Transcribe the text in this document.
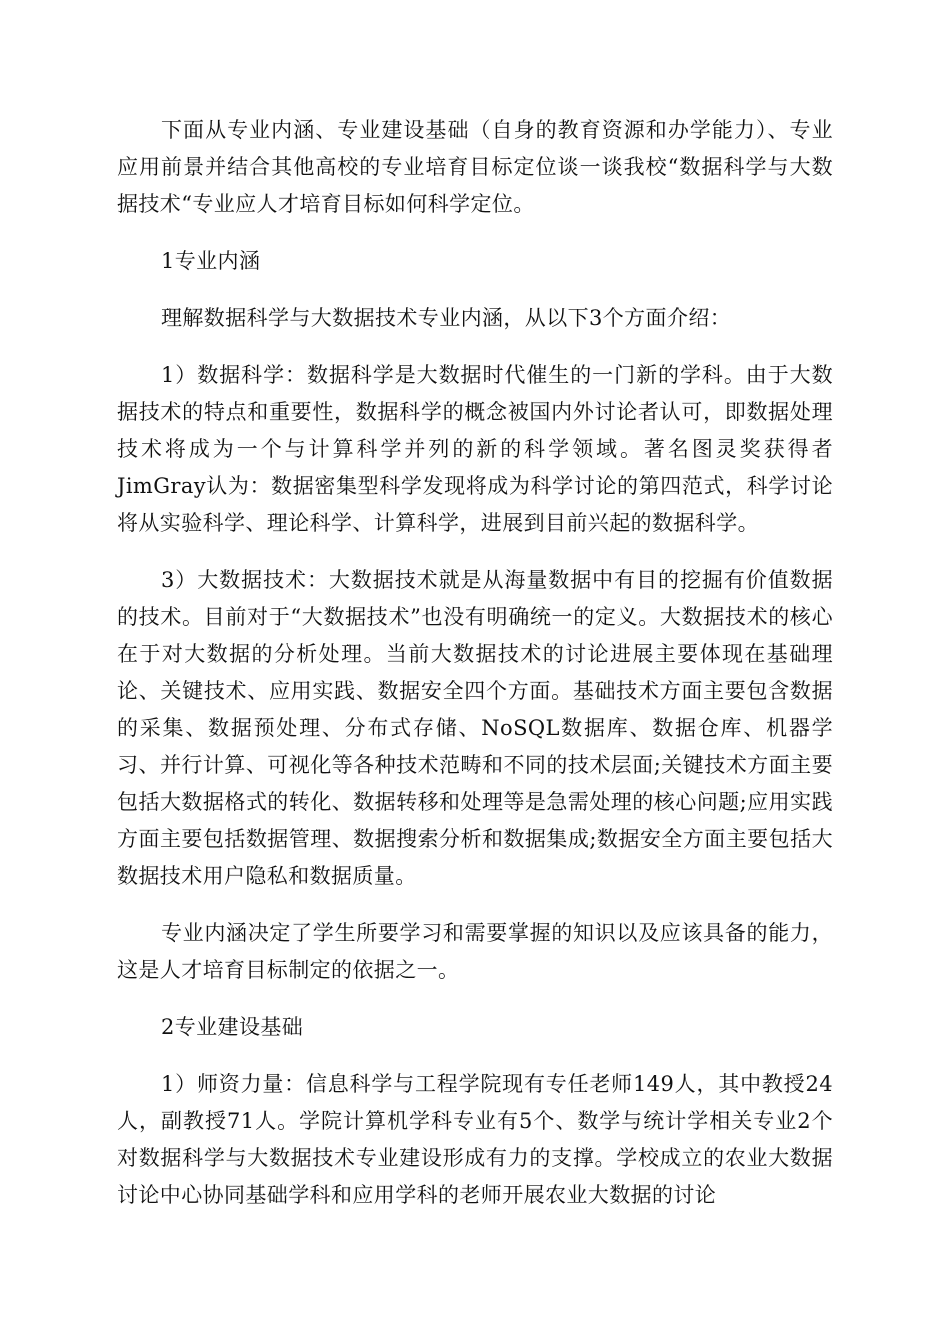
下面从专业内涵、专业建设基础（自身的教育资源和办学能力）、专业应用前景并结合其他高校的专业培育目标定位谈一谈我校“数据科学与大数据技术“专业应人才培育目标如何科学定位。

1专业内涵

理解数据科学与大数据技术专业内涵，从以下3个方面介绍：

1）数据科学：数据科学是大数据时代催生的一门新的学科。由于大数据技术的特点和重要性，数据科学的概念被国内外讨论者认可，即数据处理技术将成为一个与计算科学并列的新的科学领域。著名图灵奖获得者JimGray认为：数据密集型科学发现将成为科学讨论的第四范式，科学讨论将从实验科学、理论科学、计算科学，进展到目前兴起的数据科学。

3）大数据技术：大数据技术就是从海量数据中有目的挖掘有价值数据的技术。目前对于“大数据技术”也没有明确统一的定义。大数据技术的核心在于对大数据的分析处理。当前大数据技术的讨论进展主要体现在基础理论、关键技术、应用实践、数据安全四个方面。基础技术方面主要包含数据的采集、数据预处理、分布式存储、NoSQL数据库、数据仓库、机器学习、并行计算、可视化等各种技术范畴和不同的技术层面;关键技术方面主要包括大数据格式的转化、数据转移和处理等是急需处理的核心问题;应用实践方面主要包括数据管理、数据搜索分析和数据集成;数据安全方面主要包括大数据技术用户隐私和数据质量。

专业内涵决定了学生所要学习和需要掌握的知识以及应该具备的能力，这是人才培育目标制定的依据之一。

2专业建设基础

1）师资力量：信息科学与工程学院现有专任老师149人，其中教授24人，副教授71人。学院计算机学科专业有5个、数学与统计学相关专业2个对数据科学与大数据技术专业建设形成有力的支撑。学校成立的农业大数据讨论中心协同基础学科和应用学科的老师开展农业大数据的讨论
